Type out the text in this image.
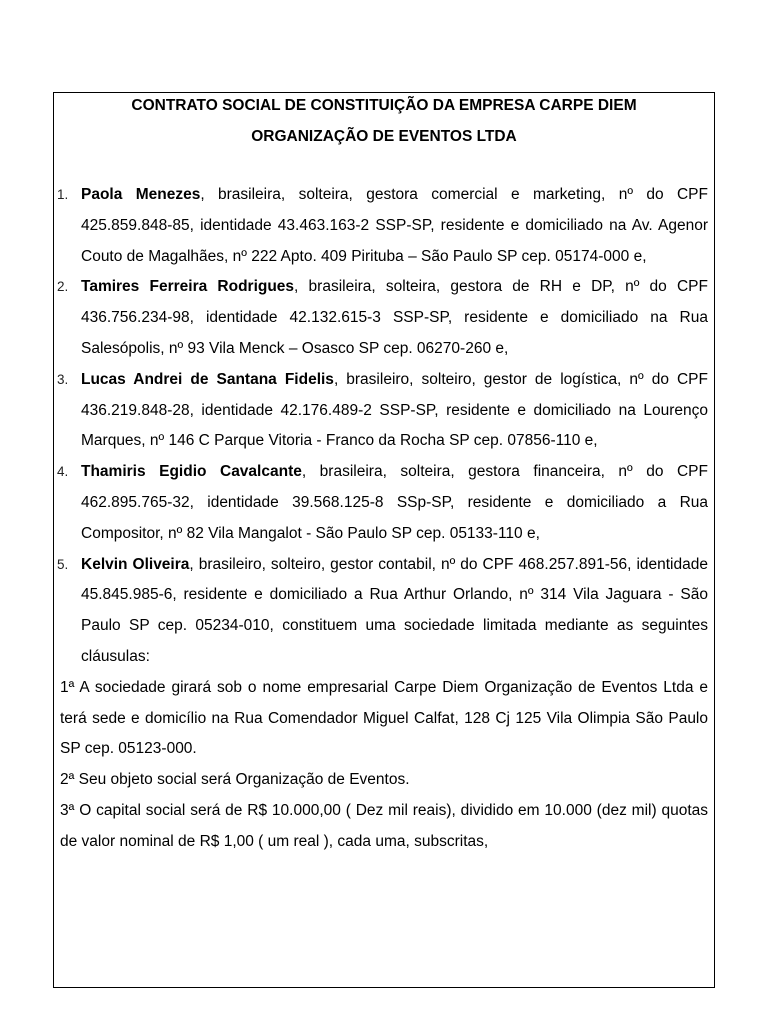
CONTRATO SOCIAL DE CONSTITUIÇÃO DA EMPRESA CARPE DIEM
ORGANIZAÇÃO DE EVENTOS LTDA
1. Paola Menezes, brasileira, solteira, gestora comercial e marketing, nº do CPF 425.859.848-85, identidade 43.463.163-2 SSP-SP, residente e domiciliado na Av. Agenor Couto de Magalhães, nº 222 Apto. 409 Pirituba – São Paulo SP cep. 05174-000 e,
2. Tamires Ferreira Rodrigues, brasileira, solteira, gestora de RH e DP, nº do CPF 436.756.234-98, identidade 42.132.615-3 SSP-SP, residente e domiciliado na Rua Salesópolis, nº 93 Vila Menck – Osasco SP cep. 06270-260 e,
3. Lucas Andrei de Santana Fidelis, brasileiro, solteiro, gestor de logística, nº do CPF 436.219.848-28, identidade 42.176.489-2 SSP-SP, residente e domiciliado na Lourenço Marques, nº 146 C Parque Vitoria - Franco da Rocha SP cep. 07856-110 e,
4. Thamiris Egidio Cavalcante, brasileira, solteira, gestora financeira, nº do CPF 462.895.765-32, identidade 39.568.125-8 SSp-SP, residente e domiciliado a Rua Compositor, nº 82 Vila Mangalot - São Paulo SP cep. 05133-110 e,
5. Kelvin Oliveira, brasileiro, solteiro, gestor contabil, nº do CPF 468.257.891-56, identidade 45.845.985-6, residente e domiciliado a Rua Arthur Orlando, nº 314 Vila Jaguara - São Paulo SP cep. 05234-010, constituem uma sociedade limitada mediante as seguintes cláusulas:

1ª A sociedade girará sob o nome empresarial Carpe Diem Organização de Eventos Ltda e terá sede e domicílio na Rua Comendador Miguel Calfat, 128 Cj 125 Vila Olimpia São Paulo SP cep. 05123-000.

2ª Seu objeto social será Organização de Eventos.

3ª O capital social será de R$ 10.000,00 ( Dez mil reais), dividido em 10.000 (dez mil) quotas de valor nominal de R$ 1,00 ( um real ), cada uma, subscritas,
